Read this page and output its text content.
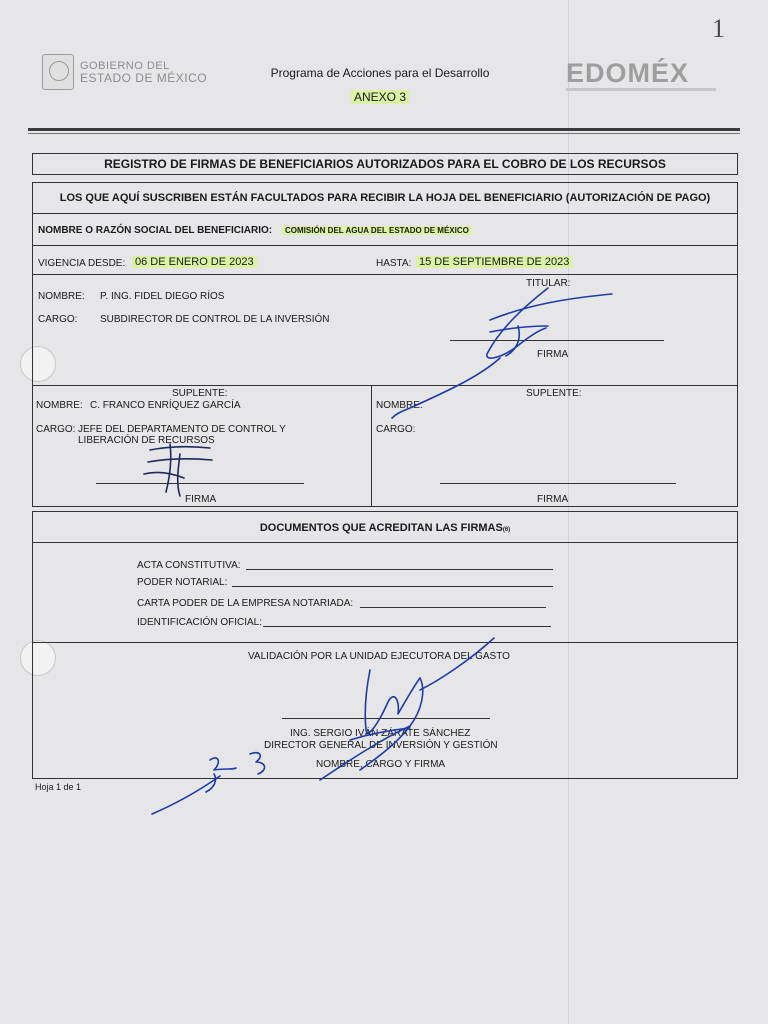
1
GOBIERNO DEL
ESTADO DE MÉXICO	Programa de Acciones para el Desarrollo
ANEXO 3
EDOMÉX
REGISTRO DE FIRMAS DE BENEFICIARIOS AUTORIZADOS PARA EL COBRO DE LOS RECURSOS
LOS QUE AQUÍ SUSCRIBEN ESTÁN FACULTADOS PARA RECIBIR LA HOJA DEL BENEFICIARIO (AUTORIZACIÓN DE PAGO)
NOMBRE O RAZÓN SOCIAL DEL BENEFICIARIO:	COMISIÓN DEL AGUA DEL ESTADO DE MÉXICO
VIGENCIA DESDE: 06 DE ENERO DE 2023	HASTA: 15 DE SEPTIEMBRE DE 2023
TITULAR:
NOMBRE: P. ING. FIDEL DIEGO RÍOS
CARGO: SUBDIRECTOR DE CONTROL DE LA INVERSIÓN
FIRMA
SUPLENTE:
NOMBRE: C. FRANCO ENRÍQUEZ GARCÍA
CARGO: JEFE DEL DEPARTAMENTO DE CONTROL Y
LIBERACIÓN DE RECURSOS
FIRMA
SUPLENTE:
NOMBRE:
CARGO:
FIRMA
DOCUMENTOS QUE ACREDITAN LAS FIRMAS(6)
ACTA CONSTITUTIVA:
PODER NOTARIAL:
CARTA PODER DE LA EMPRESA NOTARIADA:
IDENTIFICACIÓN OFICIAL:
VALIDACIÓN POR LA UNIDAD EJECUTORA DEL GASTO
ING. SERGIO IVÁN ZÁRATE SÁNCHEZ
DIRECTOR GENERAL DE INVERSIÓN Y GESTIÓN
NOMBRE, CARGO Y FIRMA
Hoja 1 de 1
